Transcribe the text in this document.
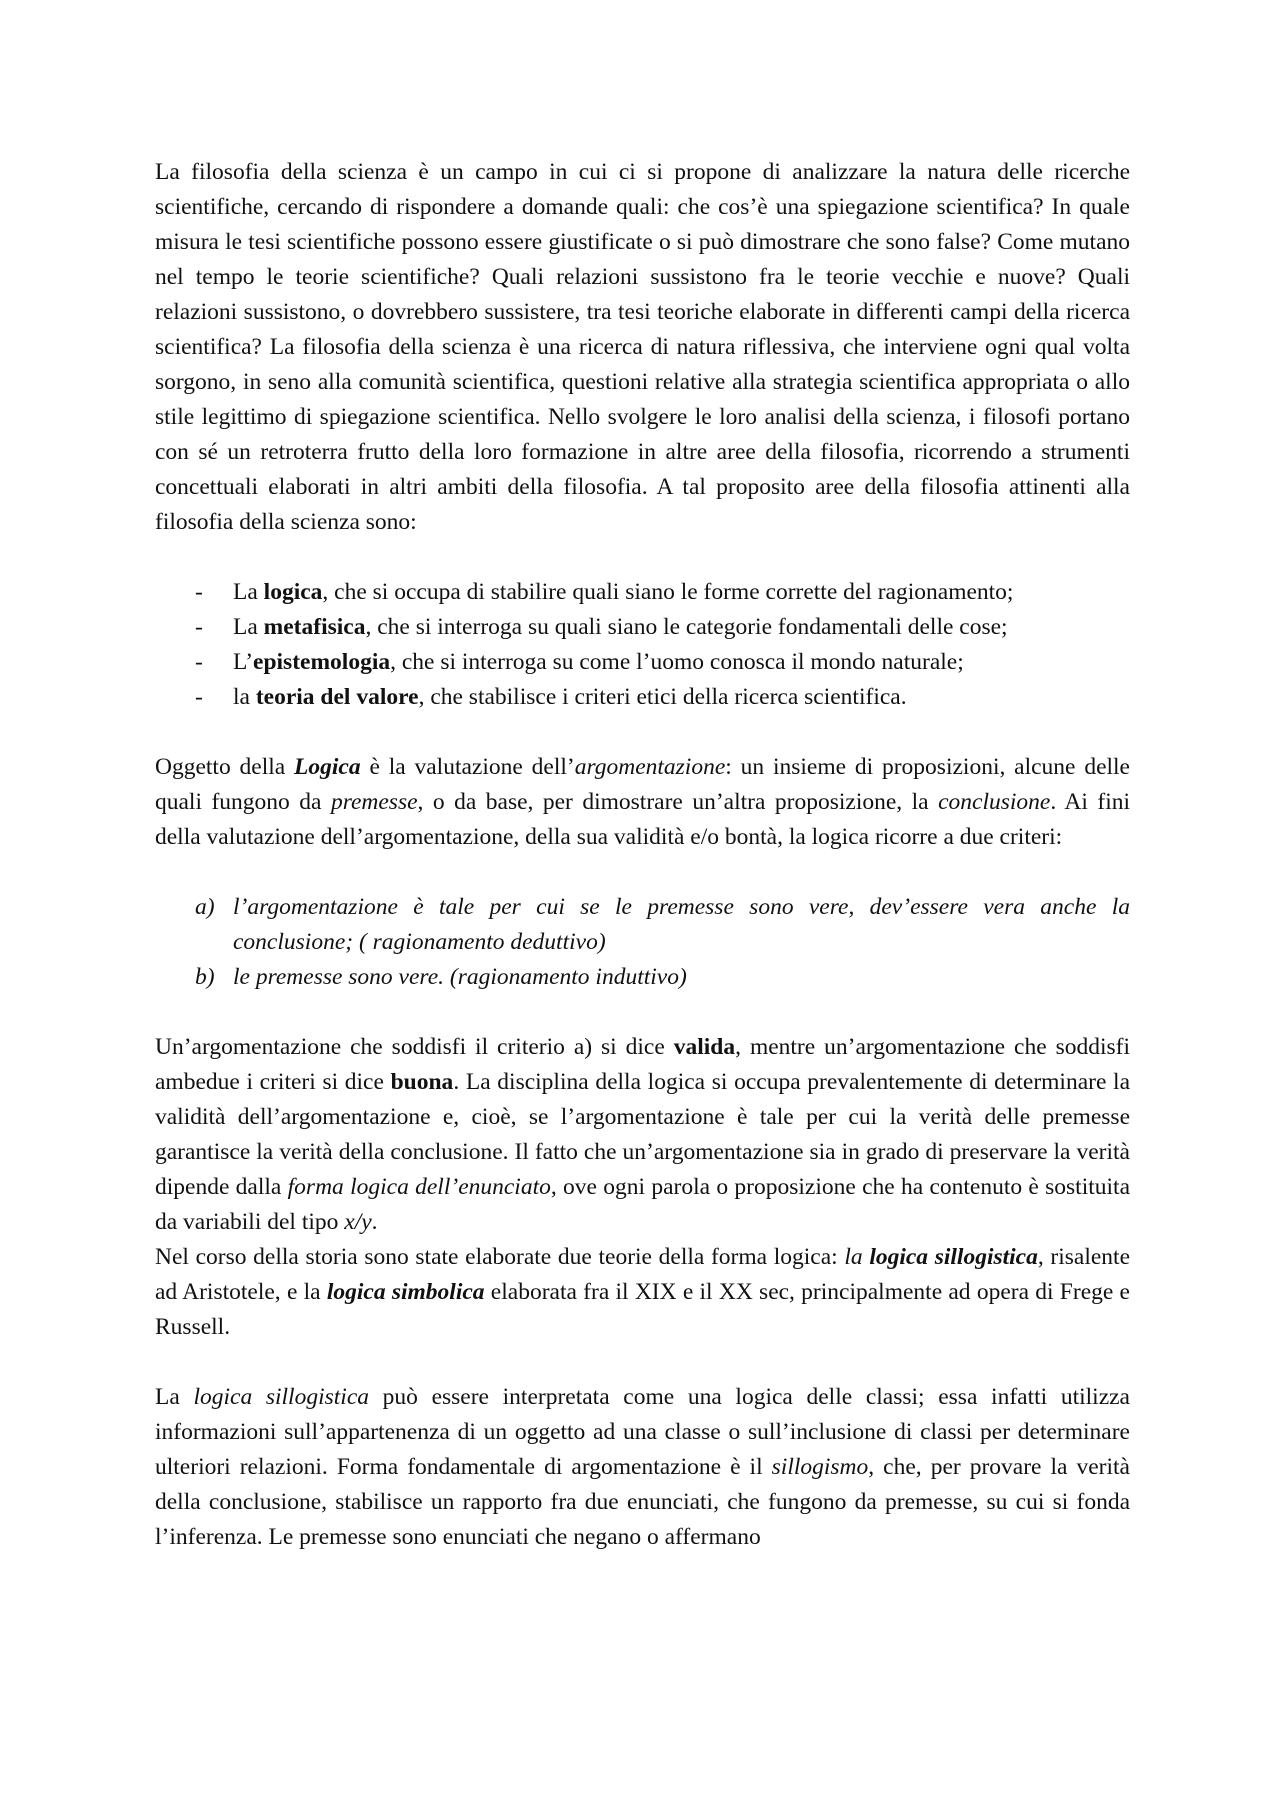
La filosofia della scienza è un campo in cui ci si propone di analizzare la natura delle ricerche scientifiche, cercando di rispondere a domande quali: che cos’è una spiegazione scientifica? In quale misura le tesi scientifiche possono essere giustificate o si può dimostrare che sono false? Come mutano nel tempo le teorie scientifiche? Quali relazioni sussistono fra le teorie vecchie e nuove? Quali relazioni sussistono, o dovrebbero sussistere, tra tesi teoriche elaborate in differenti campi della ricerca scientifica? La filosofia della scienza è una ricerca di natura riflessiva, che interviene ogni qual volta sorgono, in seno alla comunità scientifica, questioni relative alla strategia scientifica appropriata o allo stile legittimo di spiegazione scientifica. Nello svolgere le loro analisi della scienza, i filosofi portano con sé un retroterra frutto della loro formazione in altre aree della filosofia, ricorrendo a strumenti concettuali elaborati in altri ambiti della filosofia. A tal proposito aree della filosofia attinenti alla filosofia della scienza sono:

- La logica, che si occupa di stabilire quali siano le forme corrette del ragionamento;
- La metafisica, che si interroga su quali siano le categorie fondamentali delle cose;
- L’epistemologia, che si interroga su come l’uomo conosca il mondo naturale;
- la teoria del valore, che stabilisce i criteri etici della ricerca scientifica.

Oggetto della Logica è la valutazione dell’argomentazione: un insieme di proposizioni, alcune delle quali fungono da premesse, o da base, per dimostrare un’altra proposizione, la conclusione. Ai fini della valutazione dell’argomentazione, della sua validità e/o bontà, la logica ricorre a due criteri:

a) l’argomentazione è tale per cui se le premesse sono vere, dev’essere vera anche la conclusione; ( ragionamento deduttivo)
b) le premesse sono vere. (ragionamento induttivo)

Un’argomentazione che soddisfi il criterio a) si dice valida, mentre un’argomentazione che soddisfi ambedue i criteri si dice buona. La disciplina della logica si occupa prevalentemente di determinare la validità dell’argomentazione e, cioè, se l’argomentazione è tale per cui la verità delle premesse garantisce la verità della conclusione. Il fatto che un’argomentazione sia in grado di preservare la verità dipende dalla forma logica dell’enunciato, ove ogni parola o proposizione che ha contenuto è sostituita da variabili del tipo x/y.

Nel corso della storia sono state elaborate due teorie della forma logica: la logica sillogistica, risalente ad Aristotele, e la logica simbolica elaborata fra il XIX e il XX sec, principalmente ad opera di Frege e Russell.

La logica sillogistica può essere interpretata come una logica delle classi; essa infatti utilizza informazioni sull’appartenenza di un oggetto ad una classe o sull’inclusione di classi per determinare ulteriori relazioni. Forma fondamentale di argomentazione è il sillogismo, che, per provare la verità della conclusione, stabilisce un rapporto fra due enunciati, che fungono da premesse, su cui si fonda l’inferenza. Le premesse sono enunciati che negano o affermano
